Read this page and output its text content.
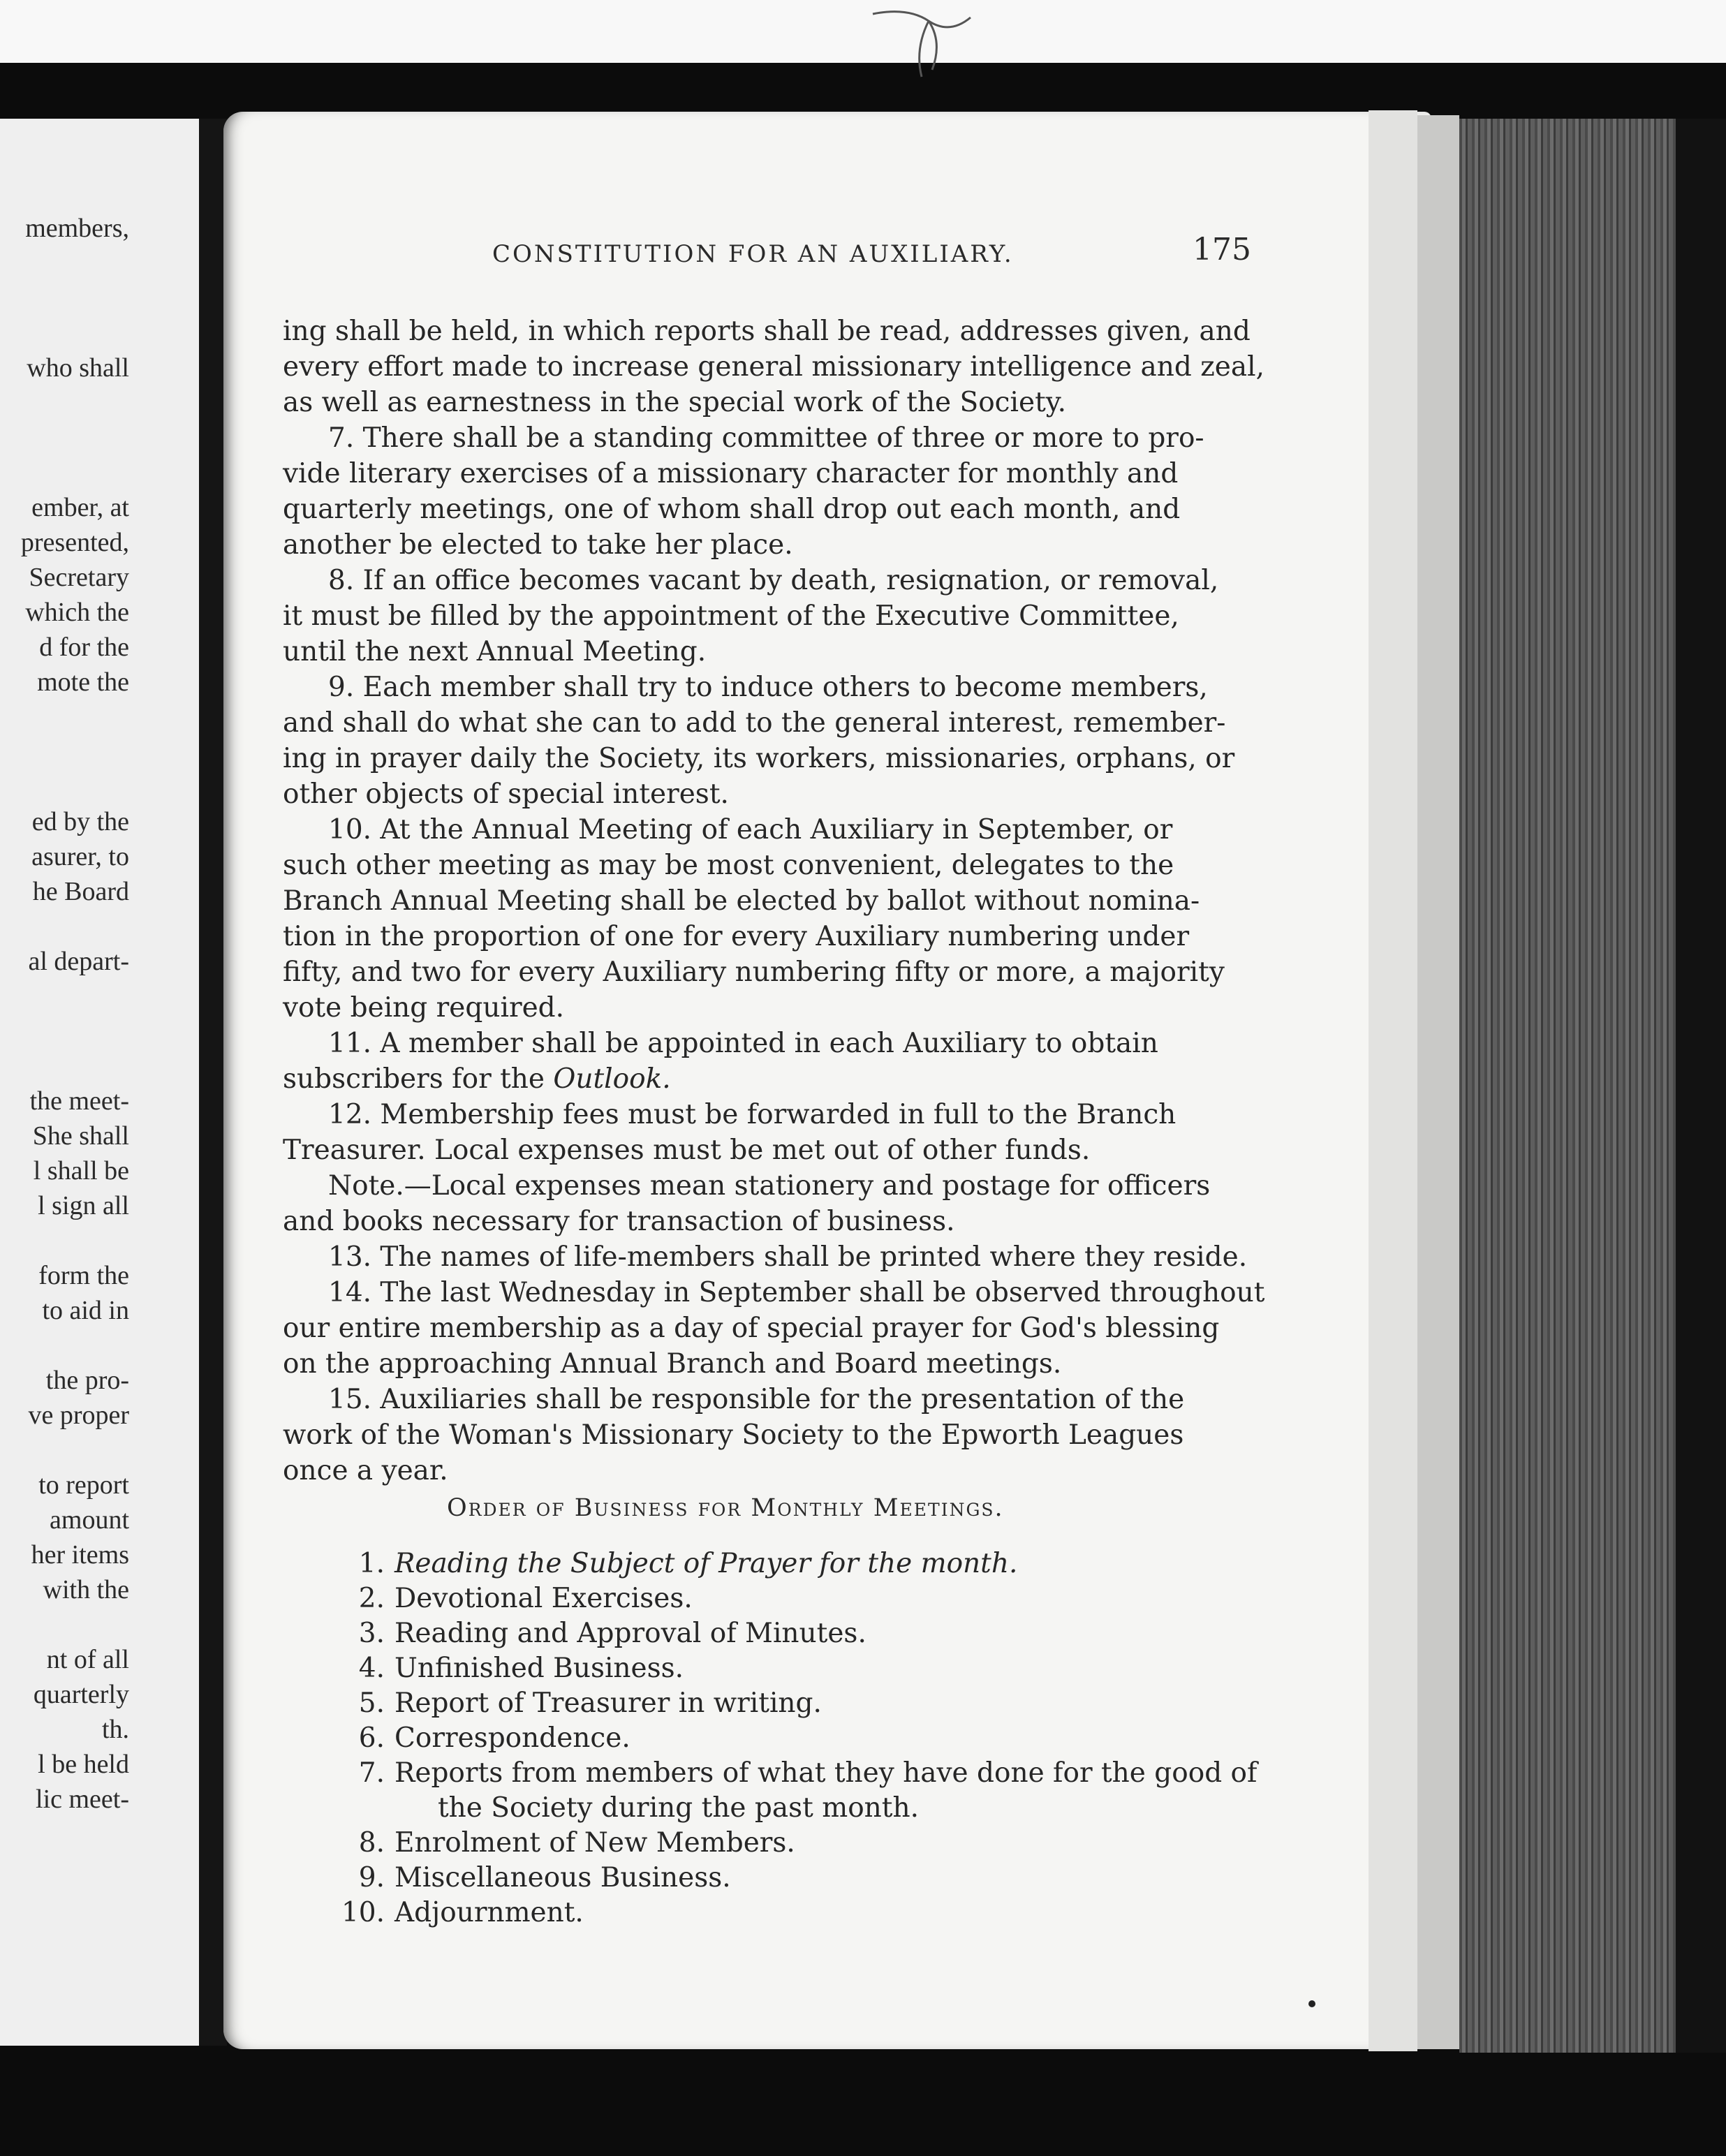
members,
who shall
ember, at
presented,
Secretary
which the
d for the
mote the
ed by the
asurer, to
he Board
al depart-
the meet-
She shall
l shall be
l sign all
form the
to aid in
the pro-
ve proper
to report
amount
her items
with the
nt of all
quarterly
th.
l be held
lic meet-
CONSTITUTION FOR AN AUXILIARY.	175
ing shall be held, in which reports shall be read, addresses given, and
every effort made to increase general missionary intelligence and zeal,
as well as earnestness in the special work of the Society.
7. There shall be a standing committee of three or more to pro-
vide literary exercises of a missionary character for monthly and
quarterly meetings, one of whom shall drop out each month, and
another be elected to take her place.
8. If an office becomes vacant by death, resignation, or removal,
it must be filled by the appointment of the Executive Committee,
until the next Annual Meeting.
9. Each member shall try to induce others to become members,
and shall do what she can to add to the general interest, remember-
ing in prayer daily the Society, its workers, missionaries, orphans, or
other objects of special interest.
10. At the Annual Meeting of each Auxiliary in September, or
such other meeting as may be most convenient, delegates to the
Branch Annual Meeting shall be elected by ballot without nomina-
tion in the proportion of one for every Auxiliary numbering under
fifty, and two for every Auxiliary numbering fifty or more, a majority
vote being required.
11. A member shall be appointed in each Auxiliary to obtain
subscribers for the Outlook.
12. Membership fees must be forwarded in full to the Branch
Treasurer. Local expenses must be met out of other funds.
Note.—Local expenses mean stationery and postage for officers
and books necessary for transaction of business.
13. The names of life-members shall be printed where they reside.
14. The last Wednesday in September shall be observed throughout
our entire membership as a day of special prayer for God's blessing
on the approaching Annual Branch and Board meetings.
15. Auxiliaries shall be responsible for the presentation of the
work of the Woman's Missionary Society to the Epworth Leagues
once a year.
Order of Business for Monthly Meetings.
1. Reading the Subject of Prayer for the month.
2. Devotional Exercises.
3. Reading and Approval of Minutes.
4. Unfinished Business.
5. Report of Treasurer in writing.
6. Correspondence.
7. Reports from members of what they have done for the good of
the Society during the past month.
8. Enrolment of New Members.
9. Miscellaneous Business.
10. Adjournment.
